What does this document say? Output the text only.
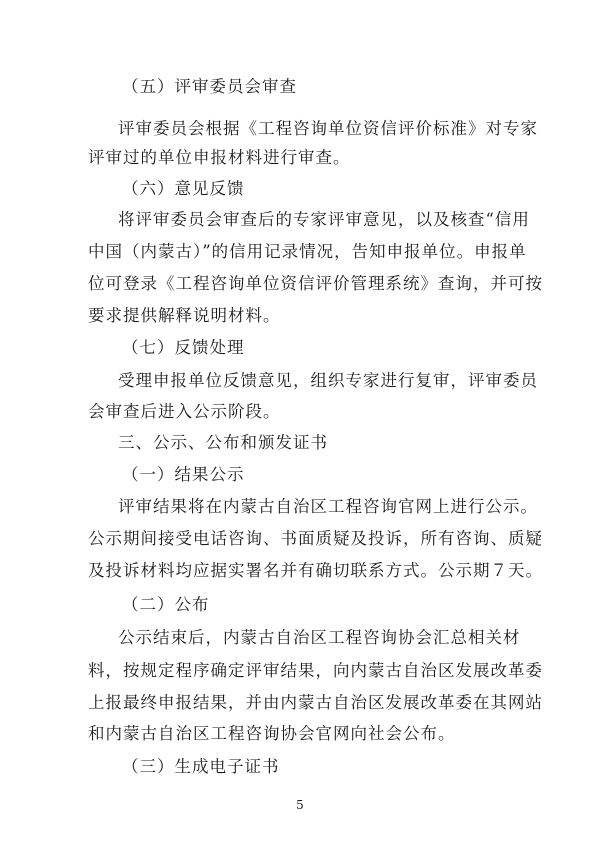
（五）评审委员会审查
评审委员会根据《工程咨询单位资信评价标准》对专家
评审过的单位申报材料进行审查。
（六）意见反馈
将评审委员会审查后的专家评审意见，以及核查“信用
中国（内蒙古）”的信用记录情况，告知申报单位。申报单
位可登录《工程咨询单位资信评价管理系统》查询，并可按
要求提供解释说明材料。
（七）反馈处理
受理申报单位反馈意见，组织专家进行复审，评审委员
会审查后进入公示阶段。
三、公示、公布和颁发证书
（一）结果公示
评审结果将在内蒙古自治区工程咨询官网上进行公示。
公示期间接受电话咨询、书面质疑及投诉，所有咨询、质疑
及投诉材料均应据实署名并有确切联系方式。公示期７天。
（二）公布
公示结束后，内蒙古自治区工程咨询协会汇总相关材
料，按规定程序确定评审结果，向内蒙古自治区发展改革委
上报最终申报结果，并由内蒙古自治区发展改革委在其网站
和内蒙古自治区工程咨询协会官网向社会公布。
（三）生成电子证书
5
